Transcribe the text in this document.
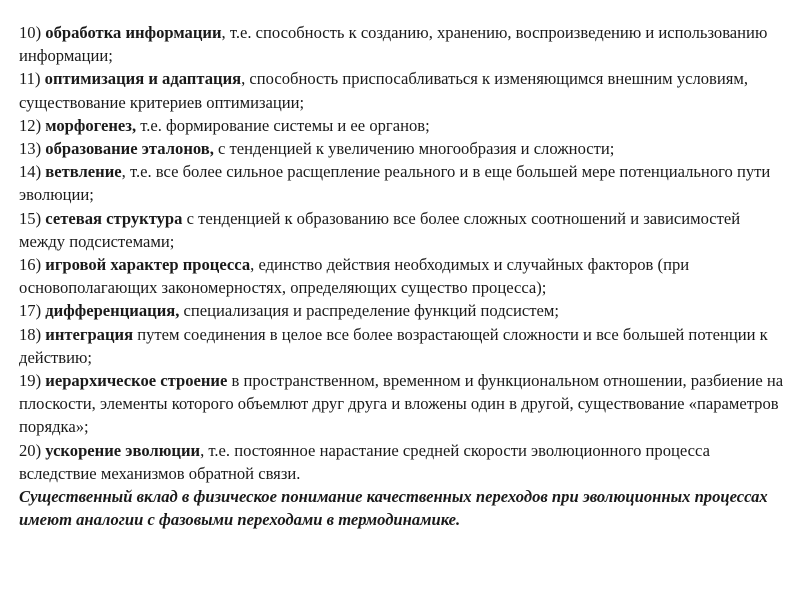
10) обработка информации, т.е. способность к созданию, хранению, воспроизведению и использованию информации;

11) оптимизация и адаптация, способность приспосабливаться к изменяющимся внешним условиям, существование критериев оптимизации;

12) морфогенез, т.е. формирование системы и ее органов;

13) образование эталонов, с тенденцией к увеличению многообразия и сложности;

14) ветвление, т.е. все более сильное расщепление реального и в еще большей мере потенциального пути эволюции;

15) сетевая структура с тенденцией к образованию все более сложных соотношений и зависимостей между подсистемами;

16) игровой характер процесса, единство действия необходимых и случайных факторов (при основополагающих закономерностях, определяющих существо процесса);

17) дифференциация, специализация и распределение функций подсистем;

18) интеграция путем соединения в целое все более возрастающей сложности и все большей потенции к действию;

19) иерархическое строение в пространственном, временном и функциональном отношении, разбиение на плоскости, элементы которого объемлют друг друга и вложены один в другой, существование «параметров порядка»;

20) ускорение эволюции, т.е. постоянное нарастание средней скорости эволюционного процесса вследствие механизмов обратной связи.

Существенный вклад в физическое понимание качественных переходов при эволюционных процессах имеют аналогии с фазовыми переходами в термодинамике.
